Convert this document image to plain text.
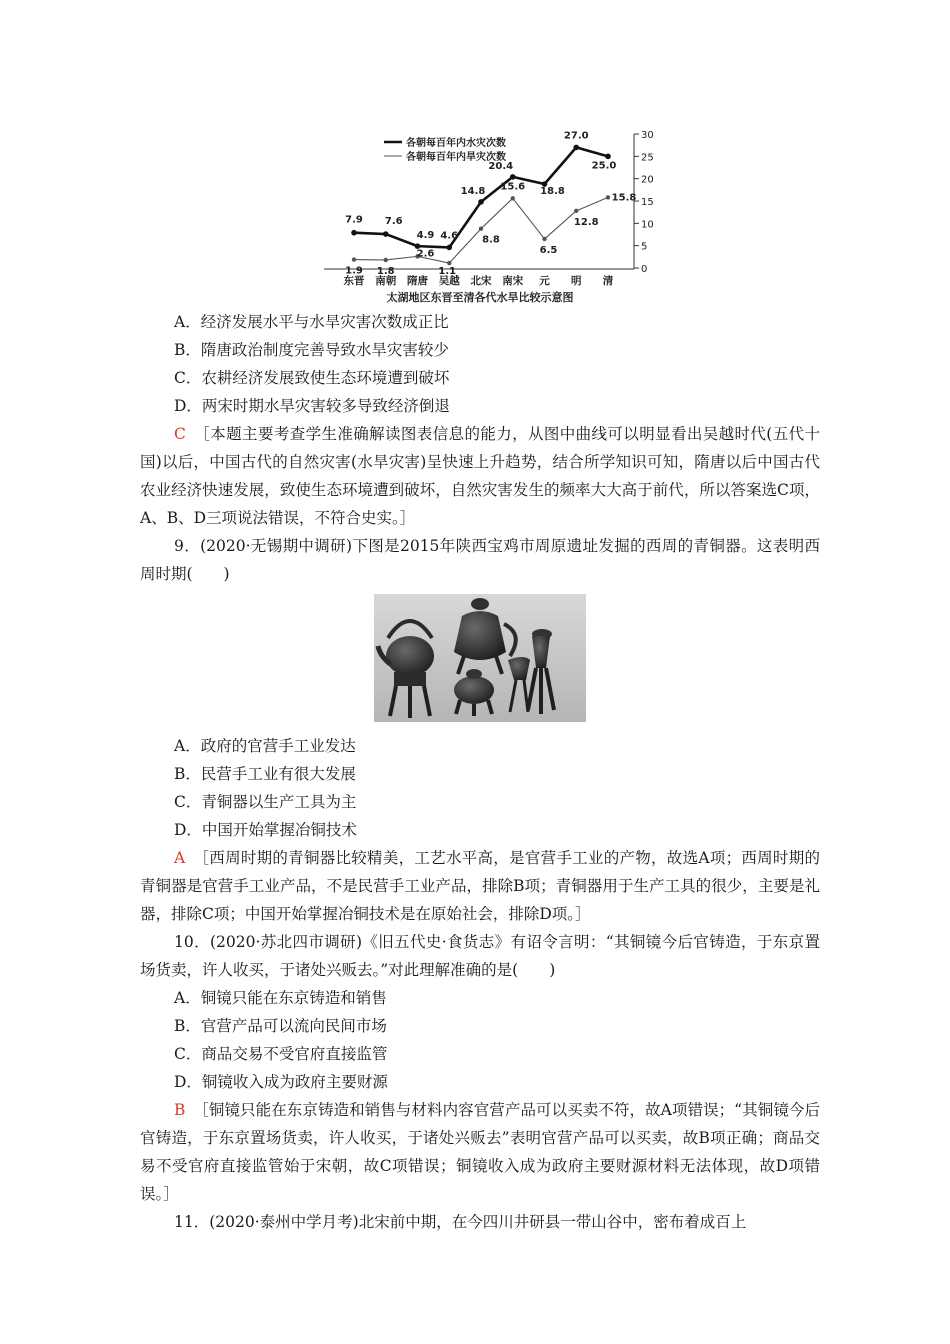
0
5
10
15
20
25
30
东晋 南朝 隋唐 吴越 北宋 南宋 元 明 清
太湖地区东晋至清各代水旱比较示意图
7.9 7.6
4.9 4.6
14.8
20.4
18.8
27.0
25.0
各朝每百年内水灾次数
1.9 1.8
2.6
1.1
8.8
15.6
6.5
12.8
15.8
各朝每百年内旱灾次数

A．经济发展水平与水旱灾害次数成正比

B．隋唐政治制度完善导致水旱灾害较少

C．农耕经济发展致使生态环境遭到破坏

D．两宋时期水旱灾害较多导致经济倒退

C　 ［本题主要考查学生准确解读图表信息的能力，从图中曲线可以明显看出吴越时代(五代十国)以后，中国古代的自然灾害(水旱灾害)呈快速上升趋势，结合所学知识可知，隋唐以后中国古代农业经济快速发展，致使生态环境遭到破坏，自然灾害发生的频率大大高于前代，所以答案选C项，A、B、D三项说法错误，不符合史实。］

9．(2020·无锡期中调研)下图是2015年陕西宝鸡市周原遗址发掘的西周的青铜器。这表明西周时期(　　)

A．政府的官营手工业发达

B．民营手工业有很大发展

C．青铜器以生产工具为主

D．中国开始掌握冶铜技术

A　 ［西周时期的青铜器比较精美，工艺水平高，是官营手工业的产物，故选A项；西周时期的青铜器是官营手工业产品，不是民营手工业产品，排除B项；青铜器用于生产工具的很少，主要是礼器，排除C项；中国开始掌握冶铜技术是在原始社会，排除D项。］

10．(2020·苏北四市调研)《旧五代史·食货志》有诏令言明：“其铜镜今后官铸造，于东京置场货卖，许人收买，于诸处兴贩去。”对此理解准确的是(　　)

A．铜镜只能在东京铸造和销售

B．官营产品可以流向民间市场

C．商品交易不受官府直接监管

D．铜镜收入成为政府主要财源

B　 ［铜镜只能在东京铸造和销售与材料内容官营产品可以买卖不符，故A项错误；“其铜镜今后官铸造，于东京置场货卖，许人收买，于诸处兴贩去”表明官营产品可以买卖，故B项正确；商品交易不受官府直接监管始于宋朝，故C项错误；铜镜收入成为政府主要财源材料无法体现，故D项错误。］

11．(2020·泰州中学月考)北宋前中期，在今四川井研县一带山谷中，密布着成百上
